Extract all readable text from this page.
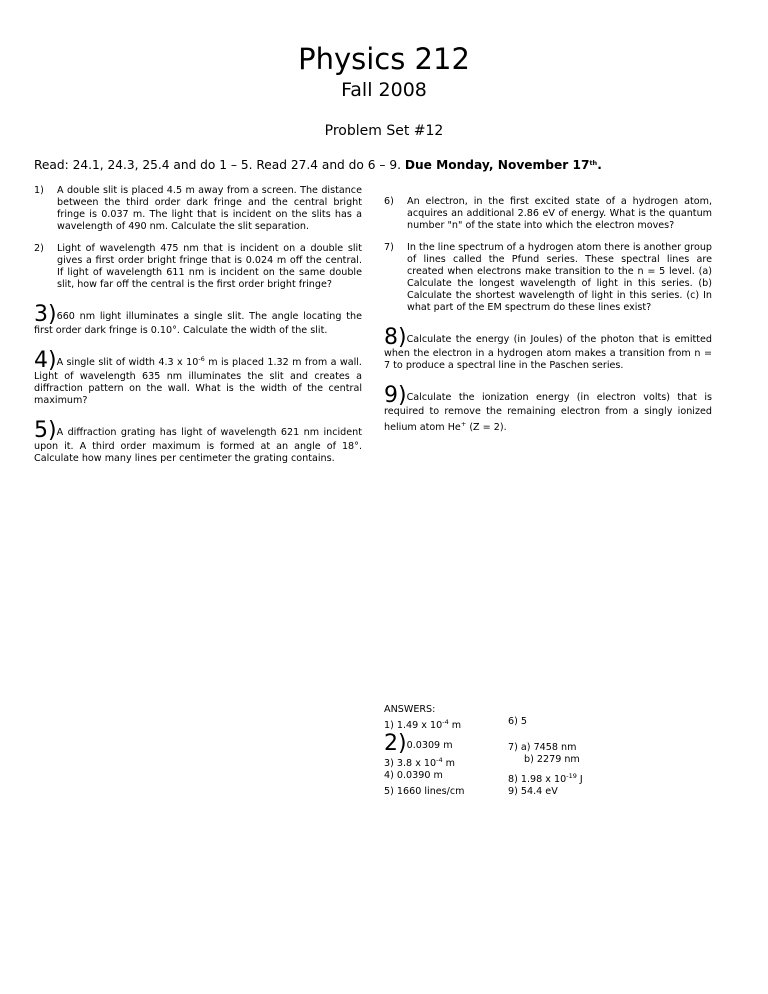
Physics 212
Fall 2008
Problem Set #12
Read: 24.1, 24.3, 25.4 and do 1 – 5. Read 27.4 and do 6 – 9. Due Monday, November 17th.
1)	A double slit is placed 4.5 m away from a screen. The distance between the third order dark fringe and the central bright fringe is 0.037 m. The light that is incident on the slits has a wavelength of 490 nm. Calculate the slit separation.
2)	Light of wavelength 475 nm that is incident on a double slit gives a first order bright fringe that is 0.024 m off the central. If light of wavelength 611 nm is incident on the same double slit, how far off the central is the first order bright fringe?
3)660 nm light illuminates a single slit. The angle locating the first order dark fringe is 0.10°. Calculate the width of the slit.
4)A single slit of width 4.3 x $10^{-6}$ m is placed 1.32 m from a wall. Light of wavelength 635 nm illuminates the slit and creates a diffraction pattern on the wall. What is the width of the central maximum?
5)A diffraction grating has light of wavelength 621 nm incident upon it. A third order maximum is formed at an angle of 18°. Calculate how many lines per centimeter the grating contains.
6)	An electron, in the first excited state of a hydrogen atom, acquires an additional 2.86 eV of energy. What is the quantum number "n" of the state into which the electron moves?
7)	In the line spectrum of a hydrogen atom there is another group of lines called the Pfund series. These spectral lines are created when electrons make transition to the n = 5 level. (a) Calculate the longest wavelength of light in this series. (b) Calculate the shortest wavelength of light in this series. (c) In what part of the EM spectrum do these lines exist?
8)Calculate the energy (in Joules) of the photon that is emitted when the electron in a hydrogen atom makes a transition from n = 7 to produce a spectral line in the Paschen series.
9)Calculate the ionization energy (in electron volts) that is required to remove the remaining electron from a singly ionized helium atom He+ (Z = 2).
ANSWERS:
1) 1.49 x $10^{-4}$ m	6) 5
2)0.0309 m	7) a) 7458 nm
3) 3.8 x $10^{-4}$ m	b) 2279 nm
4) 0.0390 m	8) 1.98 x $10^{-19}$ J
5) 1660 lines/cm	9) 54.4 eV
